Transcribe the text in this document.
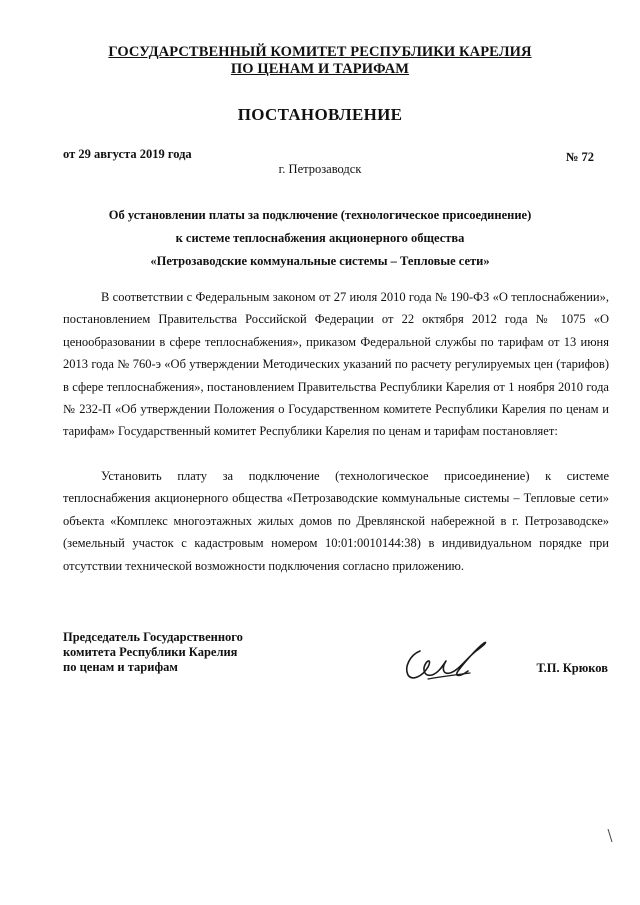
ГОСУДАРСТВЕННЫЙ КОМИТЕТ РЕСПУБЛИКИ КАРЕЛИЯ
ПО ЦЕНАМ И ТАРИФАМ
ПОСТАНОВЛЕНИЕ
от 29 августа 2019 года
г. Петрозаводск
№ 72
Об установлении платы за подключение (технологическое присоединение)
к системе теплоснабжения акционерного общества
«Петрозаводские коммунальные системы – Тепловые сети»
В соответствии с Федеральным законом от 27 июля 2010 года № 190-ФЗ «О теплоснабжении», постановлением Правительства Российской Федерации от 22 октября 2012 года № 1075 «О ценообразовании в сфере теплоснабжения», приказом Федеральной службы по тарифам от 13 июня 2013 года № 760-э «Об утверждении Методических указаний по расчету регулируемых цен (тарифов) в сфере теплоснабжения», постановлением Правительства Республики Карелия от 1 ноября 2010 года № 232-П «Об утверждении Положения о Государственном комитете Республики Карелия по ценам и тарифам» Государственный комитет Республики Карелия по ценам и тарифам постановляет:
Установить плату за подключение (технологическое присоединение) к системе теплоснабжения акционерного общества «Петрозаводские коммунальные системы – Тепловые сети» объекта «Комплекс многоэтажных жилых домов по Древлянской набережной в г. Петрозаводске» (земельный участок с кадастровым номером 10:01:0010144:38) в индивидуальном порядке при отсутствии технической возможности подключения согласно приложению.
Председатель Государственного
комитета Республики Карелия
по ценам и тарифам	Т.П. Крюков
